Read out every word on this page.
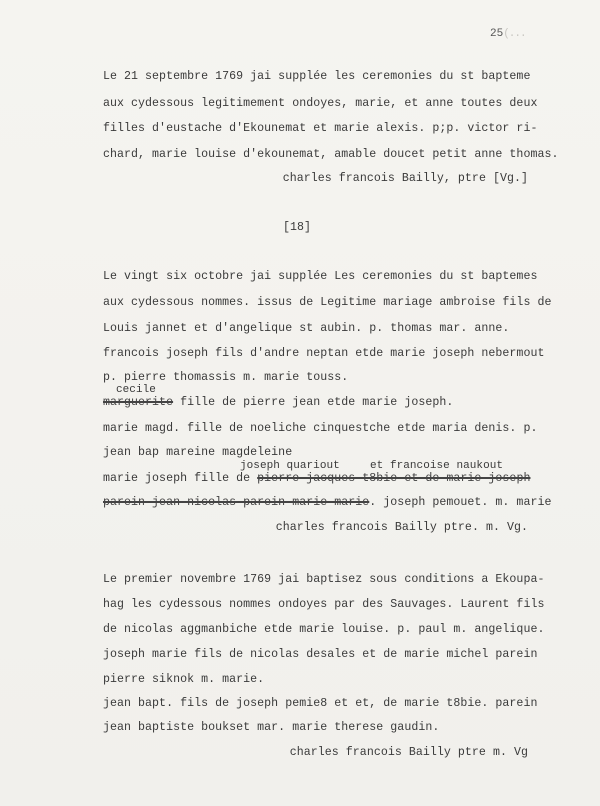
25(...
Le 21 septembre 1769 jai supplée les ceremonies du st bapteme
aux cydessous legitimement ondoyes, marie, et anne toutes deux
filles d'eustache d'Ekounemat et marie alexis. p;p. victor ri-
chard, marie louise d'ekounemat, amable doucet petit anne thomas.
charles francois Bailly, ptre [Vg.]
[18]
Le vingt six octobre jai supplée Les ceremonies du st baptemes
aux cydessous nommes. issus de Legitime mariage ambroise fils de
Louis jannet et d'angelique st aubin. p. thomas mar. anne.
francois joseph fils d'andre neptan etde marie joseph nebermout
p. pierre thomassis m. marie touss.
cecile
marguerite fille de pierre jean etde marie joseph.
marie magd. fille de noeliche cinquestche etde maria denis. p.
jean bap mareine magdeleine
joseph quariout	et francoise naukout
marie joseph fille de pierre jacques t8bie et de marie joseph
parein jean nicolas parein marie marie. joseph pemouet. m. marie
charles francois Bailly ptre. m. Vg.
Le premier novembre 1769 jai baptisez sous conditions a Ekoupa-
hag les cydessous nommes ondoyes par des Sauvages. Laurent fils
de nicolas aggmanbiche etde marie louise. p. paul m. angelique.
joseph marie fils de nicolas desales et de marie michel parein
pierre siknok m. marie.
jean bapt. fils de joseph pemie8 et et, de marie t8bie. parein
jean baptiste boukset mar. marie therese gaudin.
charles francois Bailly ptre m. Vg
